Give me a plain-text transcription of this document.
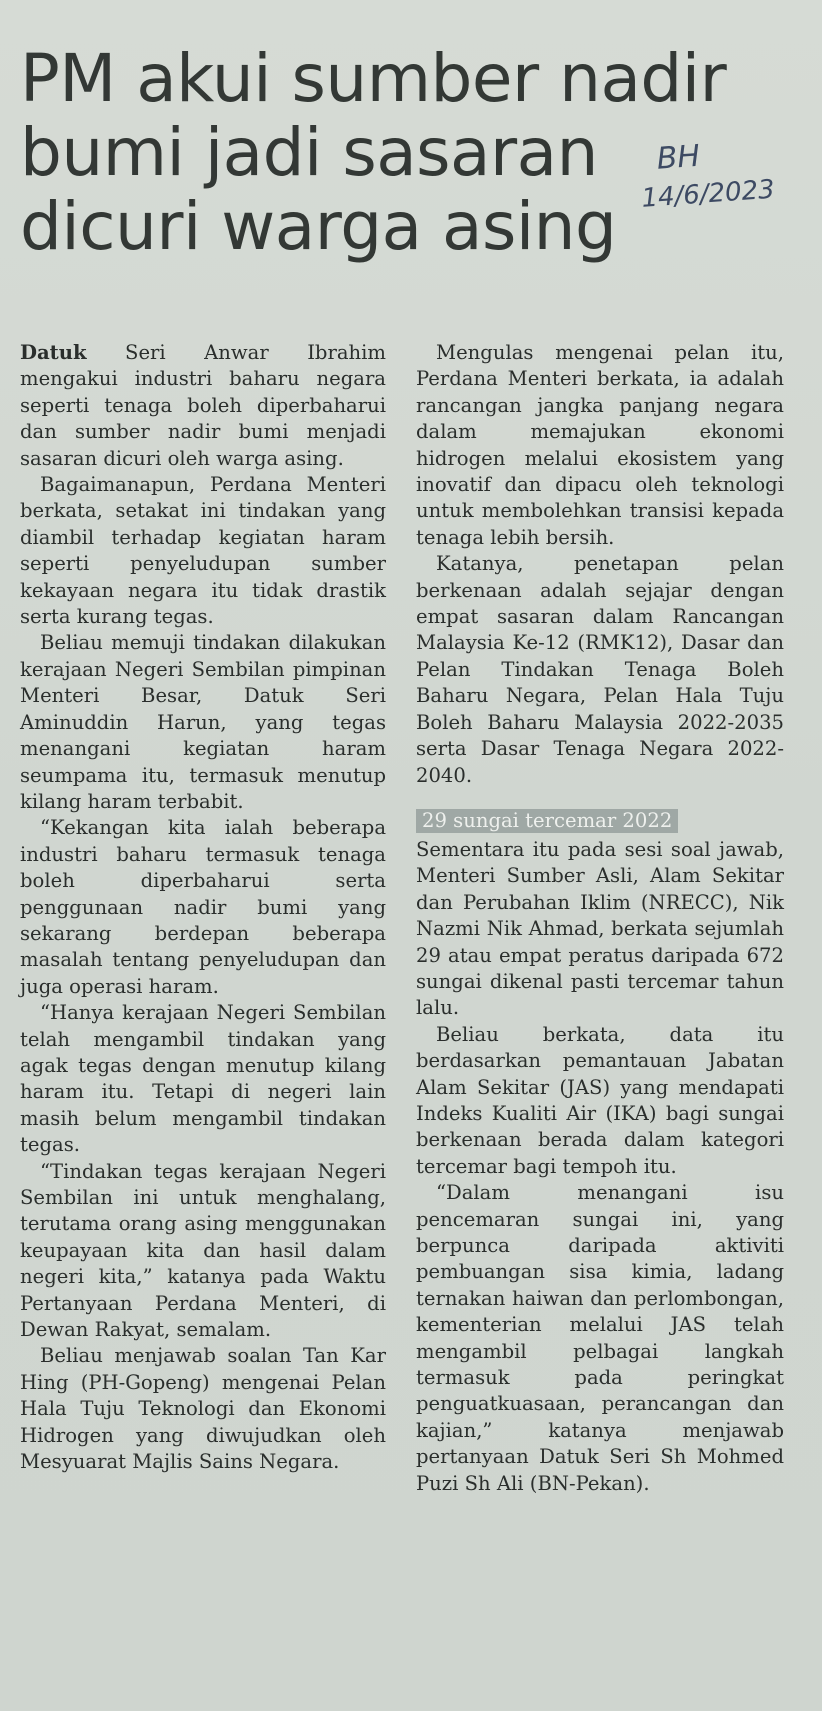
PM akui sumber nadir
bumi jadi sasaran
dicuri warga asing
BH
14/6/2023

Datuk Seri Anwar Ibrahim mengakui industri baharu negara seperti tenaga boleh diperbaharui dan sumber nadir bumi menjadi sasaran dicuri oleh warga asing.

Bagaimanapun, Perdana Menteri berkata, setakat ini tindakan yang diambil terhadap kegiatan haram seperti penyeludupan sumber kekayaan negara itu tidak drastik serta kurang tegas.

Beliau memuji tindakan dilakukan kerajaan Negeri Sembilan pimpinan Menteri Besar, Datuk Seri Aminuddin Harun, yang tegas menangani kegiatan haram seumpama itu, termasuk menutup kilang haram terbabit.

“Kekangan kita ialah beberapa industri baharu termasuk tenaga boleh diperbaharui serta penggunaan nadir bumi yang sekarang berdepan beberapa masalah tentang penyeludupan dan juga operasi haram.

“Hanya kerajaan Negeri Sembilan telah mengambil tindakan yang agak tegas dengan menutup kilang haram itu. Tetapi di negeri lain masih belum mengambil tindakan tegas.

“Tindakan tegas kerajaan Negeri Sembilan ini untuk menghalang, terutama orang asing menggunakan keupayaan kita dan hasil dalam negeri kita,” katanya pada Waktu Pertanyaan Perdana Menteri, di Dewan Rakyat, semalam.

Beliau menjawab soalan Tan Kar Hing (PH-Gopeng) mengenai Pelan Hala Tuju Teknologi dan Ekonomi Hidrogen yang diwujudkan oleh Mesyuarat Majlis Sains Negara.

Mengulas mengenai pelan itu, Perdana Menteri berkata, ia adalah rancangan jangka panjang negara dalam memajukan ekonomi hidrogen melalui ekosistem yang inovatif dan dipacu oleh teknologi untuk membolehkan transisi kepada tenaga lebih bersih.

Katanya, penetapan pelan berkenaan adalah sejajar dengan empat sasaran dalam Rancangan Malaysia Ke-12 (RMK12), Dasar dan Pelan Tindakan Tenaga Boleh Baharu Negara, Pelan Hala Tuju Boleh Baharu Malaysia 2022-2035 serta Dasar Tenaga Negara 2022-2040.

29 sungai tercemar 2022

Sementara itu pada sesi soal jawab, Menteri Sumber Asli, Alam Sekitar dan Perubahan Iklim (NRECC), Nik Nazmi Nik Ahmad, berkata sejumlah 29 atau empat peratus daripada 672 sungai dikenal pasti tercemar tahun lalu.

Beliau berkata, data itu berdasarkan pemantauan Jabatan Alam Sekitar (JAS) yang mendapati Indeks Kualiti Air (IKA) bagi sungai berkenaan berada dalam kategori tercemar bagi tempoh itu.

“Dalam menangani isu pencemaran sungai ini, yang berpunca daripada aktiviti pembuangan sisa kimia, ladang ternakan haiwan dan perlombongan, kementerian melalui JAS telah mengambil pelbagai langkah termasuk pada peringkat penguatkuasaan, perancangan dan kajian,” katanya menjawab pertanyaan Datuk Seri Sh Mohmed Puzi Sh Ali (BN-Pekan).
